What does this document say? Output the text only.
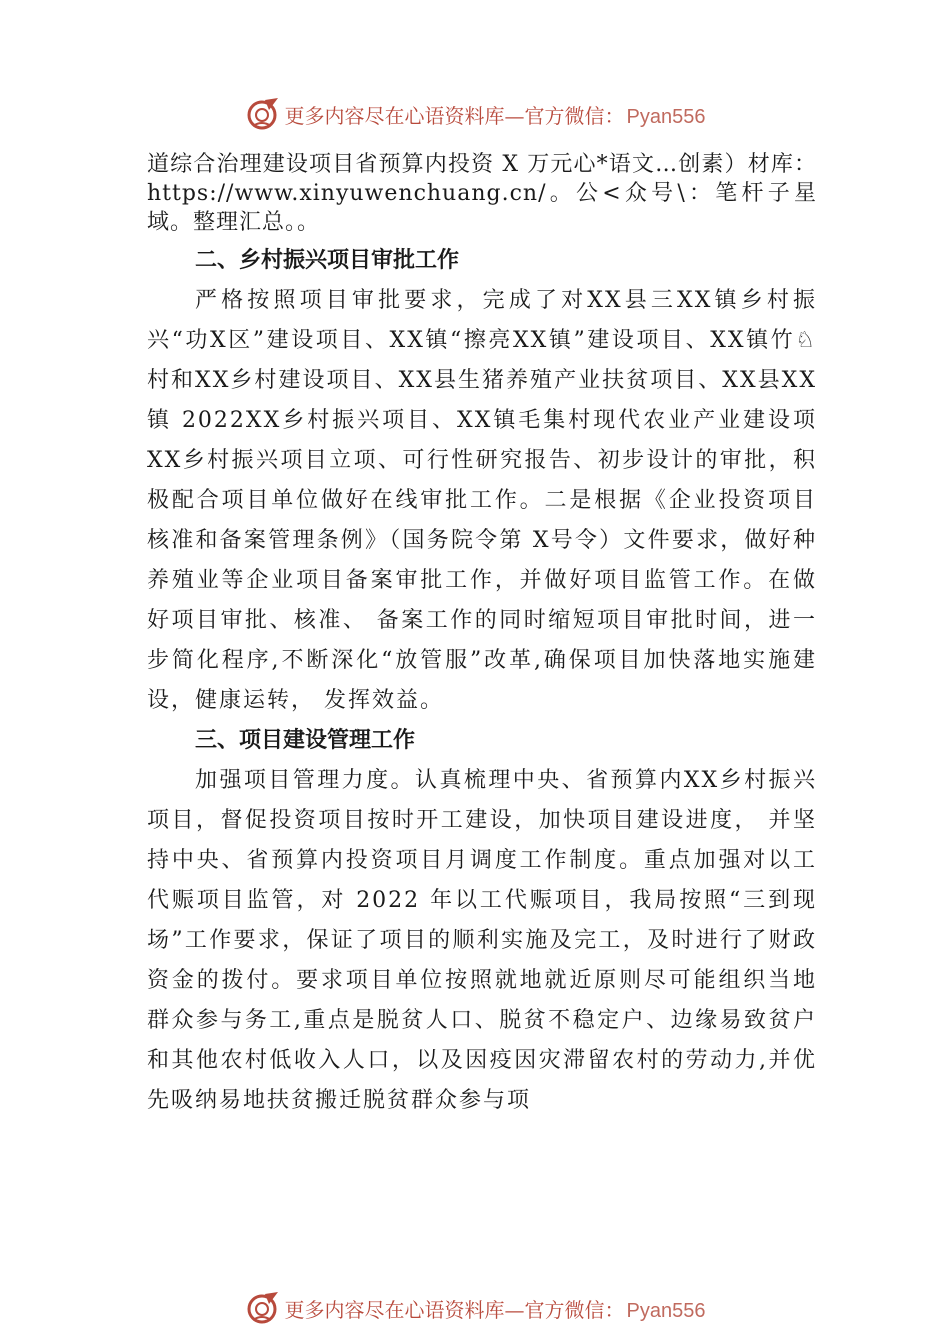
更多内容尽在心语资料库—官方微信： Pyan556

道综合治理建设项目省预算内投资 X 万元心*语文…创素）材库：https://www.xinyuwenchuang.cn/。公<众号\：笔杆子星域。整理汇总。。

二、乡村振兴项目审批工作

严格按照项目审批要求，完成了对XX县三XX镇乡村振兴“功X区”建设项目、XX镇“擦亮XX镇”建设项目、XX镇竹♘村和XX乡村建设项目、XX县生猪养殖产业扶贫项目、XX县XX镇 2022XX乡村振兴项目、XX镇毛集村现代农业产业建设项XX乡村振兴项目立项、可行性研究报告、初步设计的审批，积极配合项目单位做好在线审批工作。二是根据《企业投资项目核准和备案管理条例》（国务院令第 X号令）文件要求，做好种养殖业等企业项目备案审批工作，并做好项目监管工作。在做好项目审批、核准、 备案工作的同时缩短项目审批时间，进一步简化程序,不断深化“放管服”改革,确保项目加快落地实施建设，健康运转， 发挥效益。

三、项目建设管理工作

加强项目管理力度。认真梳理中央、省预算内XX乡村振兴项目，督促投资项目按时开工建设，加快项目建设进度， 并坚持中央、省预算内投资项目月调度工作制度。重点加强对以工代赈项目监管，对 2022 年以工代赈项目，我局按照“三到现场”工作要求，保证了项目的顺利实施及完工，及时进行了财政资金的拨付。要求项目单位按照就地就近原则尽可能组织当地群众参与务工,重点是脱贫人口、脱贫不稳定户、边缘易致贫户和其他农村低收入人口，以及因疫因灾滞留农村的劳动力,并优先吸纳易地扶贫搬迁脱贫群众参与项

更多内容尽在心语资料库—官方微信： Pyan556
